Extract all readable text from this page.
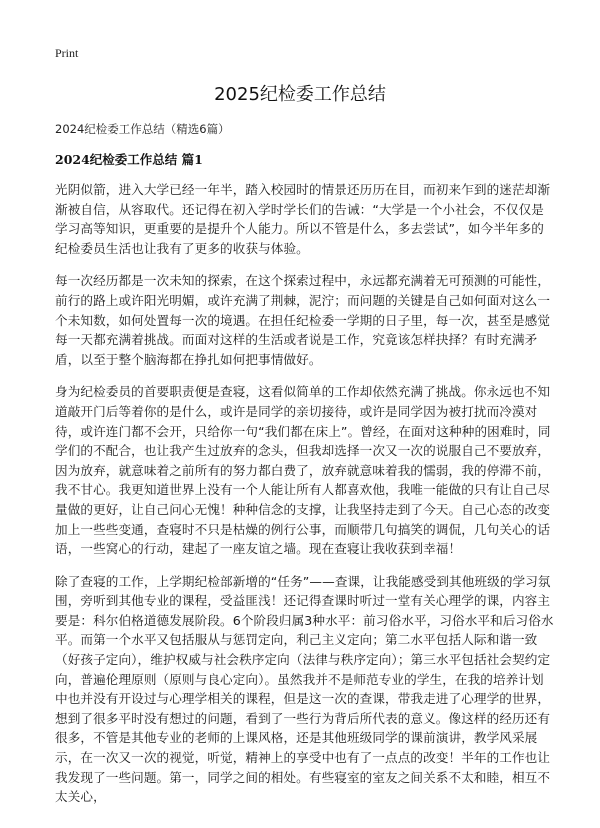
Print
2025纪检委工作总结
2024纪检委工作总结（精选6篇）
2024纪检委工作总结 篇1

光阴似箭，进入大学已经一年半，踏入校园时的情景还历历在目，而初来乍到的迷茫却渐渐被自信，从容取代。还记得在初入学时学长们的告诫：“大学是一个小社会，不仅仅是学习高等知识，更重要的是提升个人能力。所以不管是什么，多去尝试”，如今半年多的纪检委员生活也让我有了更多的收获与体验。

每一次经历都是一次未知的探索，在这个探索过程中，永远都充满着无可预测的可能性，前行的路上或许阳光明媚，或许充满了荆棘，泥泞；而问题的关键是自己如何面对这么一个未知数，如何处置每一次的境遇。在担任纪检委一学期的日子里，每一次，甚至是感觉每一天都充满着挑战。而面对这样的生活或者说是工作，究竟该怎样抉择？有时充满矛盾，以至于整个脑海都在挣扎如何把事情做好。

身为纪检委员的首要职责便是查寝，这看似简单的工作却依然充满了挑战。你永远也不知道敲开门后等着你的是什么，或许是同学的亲切接待，或许是同学因为被打扰而冷漠对待，或许连门都不会开，只给你一句“我们都在床上”。曾经，在面对这种种的困难时，同学们的不配合，也让我产生过放弃的念头，但我却选择一次又一次的说服自己不要放弃，因为放弃，就意味着之前所有的努力都白费了，放弃就意味着我的懦弱，我的停滞不前，我不甘心。我更知道世界上没有一个人能让所有人都喜欢他，我唯一能做的只有让自己尽量做的更好，让自己问心无愧！种种信念的支撑，让我坚持走到了今天。自己心态的改变加上一些些变通，查寝时不只是枯燥的例行公事，而顺带几句搞笑的调侃，几句关心的话语，一些窝心的行动，建起了一座友谊之墙。现在查寝让我收获到幸福！

除了查寝的工作，上学期纪检部新增的“任务”——查课，让我能感受到其他班级的学习氛围，旁听到其他专业的课程，受益匪浅！还记得查课时听过一堂有关心理学的课，内容主要是：科尔伯格道德发展阶段。6个阶段归属3种水平：前习俗水平，习俗水平和后习俗水平。而第一个水平又包括服从与惩罚定向，利己主义定向；第二水平包括人际和谐一致（好孩子定向），维护权威与社会秩序定向（法律与秩序定向）；第三水平包括社会契约定向，普遍伦理原则（原则与良心定向）。虽然我并不是师范专业的学生，在我的培养计划中也并没有开设过与心理学相关的课程，但是这一次的查课，带我走进了心理学的世界，想到了很多平时没有想过的问题，看到了一些行为背后所代表的意义。像这样的经历还有很多，不管是其他专业的老师的上课风格，还是其他班级同学的课前演讲，教学风采展示，在一次又一次的视觉，听觉，精神上的享受中也有了一点点的改变！半年的工作也让我发现了一些问题。第一，同学之间的相处。有些寝室的室友之间关系不太和睦，相互不太关心，
